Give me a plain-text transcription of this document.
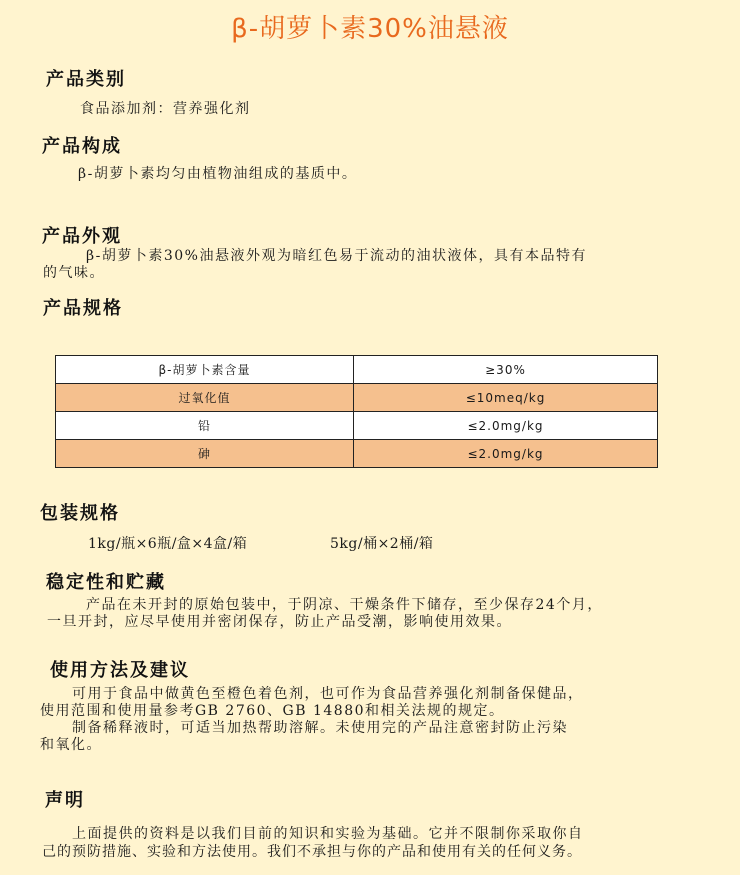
β-胡萝卜素30%油悬液
产品类别
食品添加剂：营养强化剂
产品构成
β-胡萝卜素均匀由植物油组成的基质中。
产品外观
β-胡萝卜素30%油悬液外观为暗红色易于流动的油状液体，具有本品特有
的气味。
产品规格
β-胡萝卜素含量	≥30%
过氧化值	≤10meq/kg
铅	≤2.0mg/kg
砷	≤2.0mg/kg
包装规格
1kg/瓶×6瓶/盒×4盒/箱	5kg/桶×2桶/箱
稳定性和贮藏
产品在未开封的原始包装中，于阴凉、干燥条件下储存，至少保存24个月，
一旦开封，应尽早使用并密闭保存，防止产品受潮，影响使用效果。
使用方法及建议
可用于食品中做黄色至橙色着色剂，也可作为食品营养强化剂制备保健品，
使用范围和使用量参考GB 2760、GB 14880和相关法规的规定。
制备稀释液时，可适当加热帮助溶解。未使用完的产品注意密封防止污染
和氧化。
声明
上面提供的资料是以我们目前的知识和实验为基础。它并不限制你采取你自
己的预防措施、实验和方法使用。我们不承担与你的产品和使用有关的任何义务。
